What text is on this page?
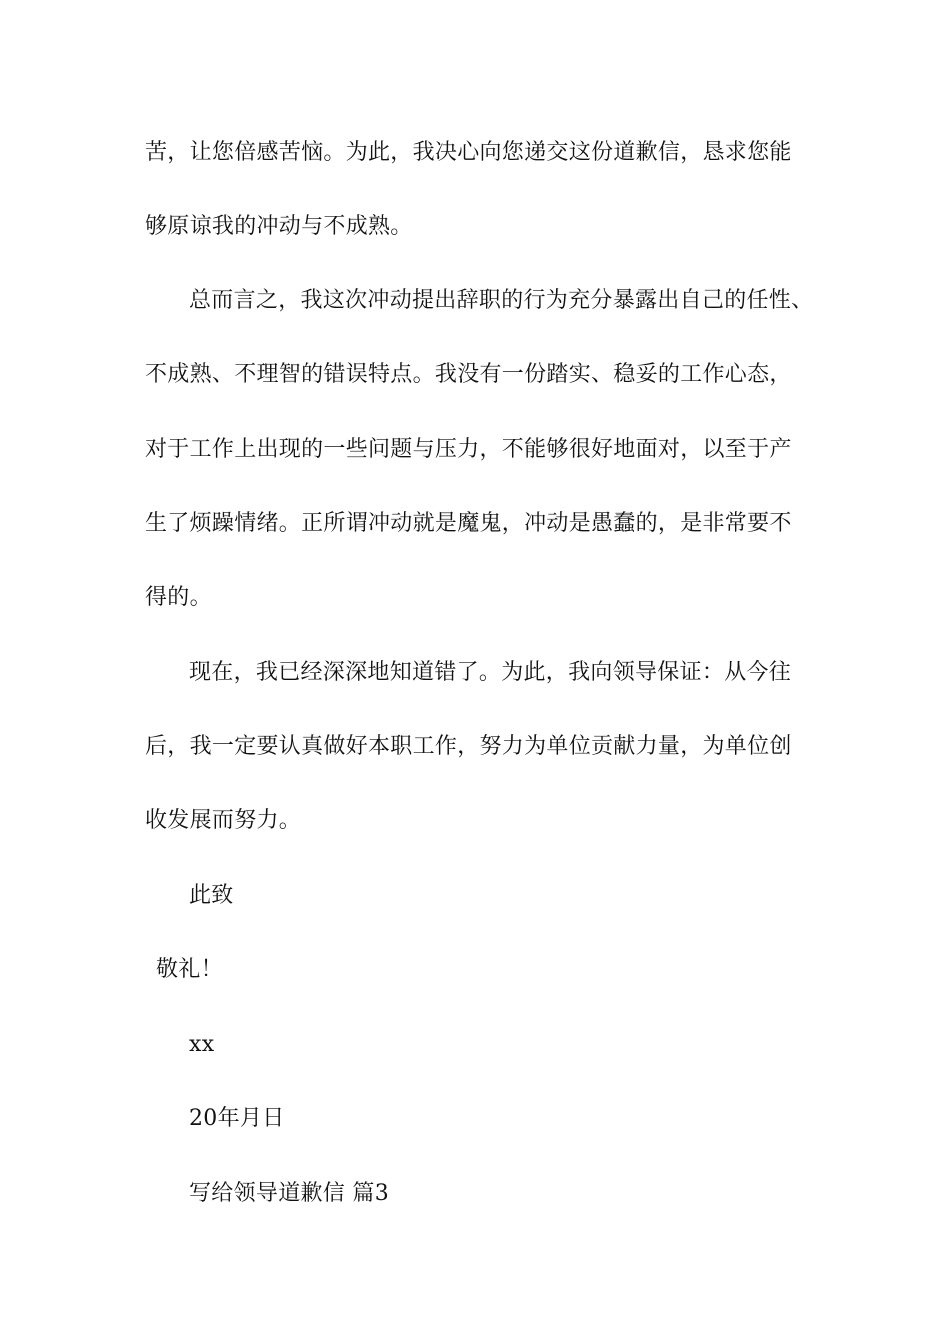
苦，让您倍感苦恼。为此，我决心向您递交这份道歉信，恳求您能
够原谅我的冲动与不成熟。
总而言之，我这次冲动提出辞职的行为充分暴露出自己的任性、
不成熟、不理智的错误特点。我没有一份踏实、稳妥的工作心态，
对于工作上出现的一些问题与压力，不能够很好地面对，以至于产
生了烦躁情绪。正所谓冲动就是魔鬼，冲动是愚蠢的，是非常要不
得的。
现在，我已经深深地知道错了。为此，我向领导保证：从今往
后，我一定要认真做好本职工作，努力为单位贡献力量，为单位创
收发展而努力。
此致
敬礼！
xx
20年月日
写给领导道歉信 篇3
